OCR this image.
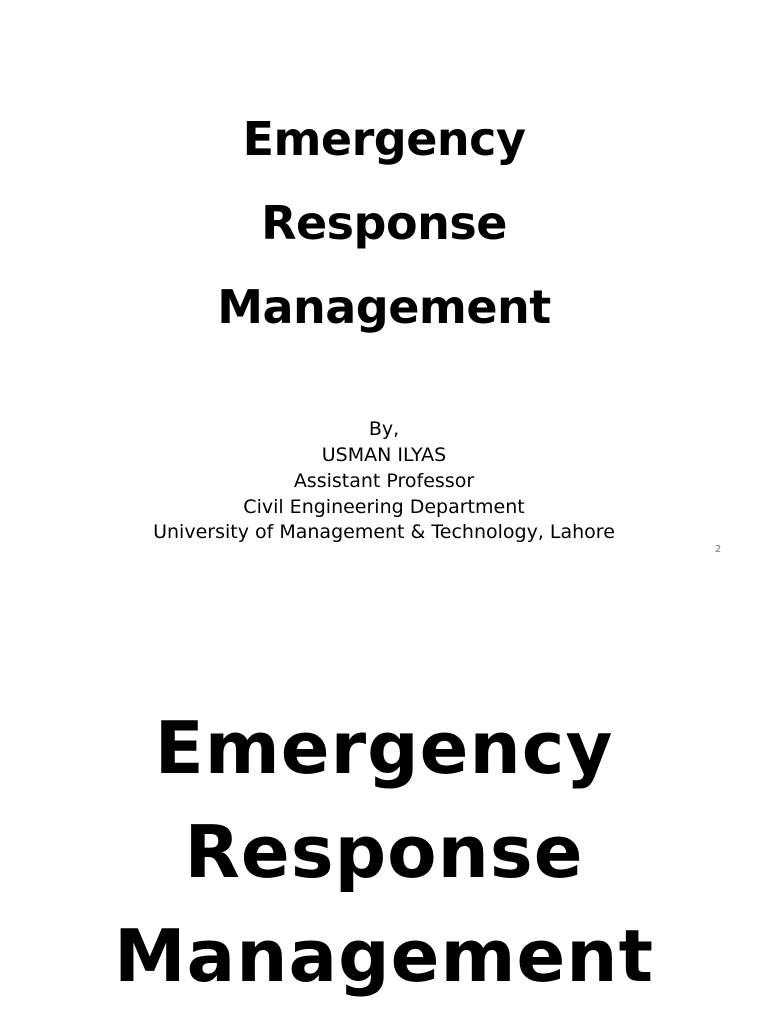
Emergency
Response
Management
By,
USMAN ILYAS
Assistant Professor
Civil Engineering Department
University of Management & Technology, Lahore
2
Emergency
Response
Management
